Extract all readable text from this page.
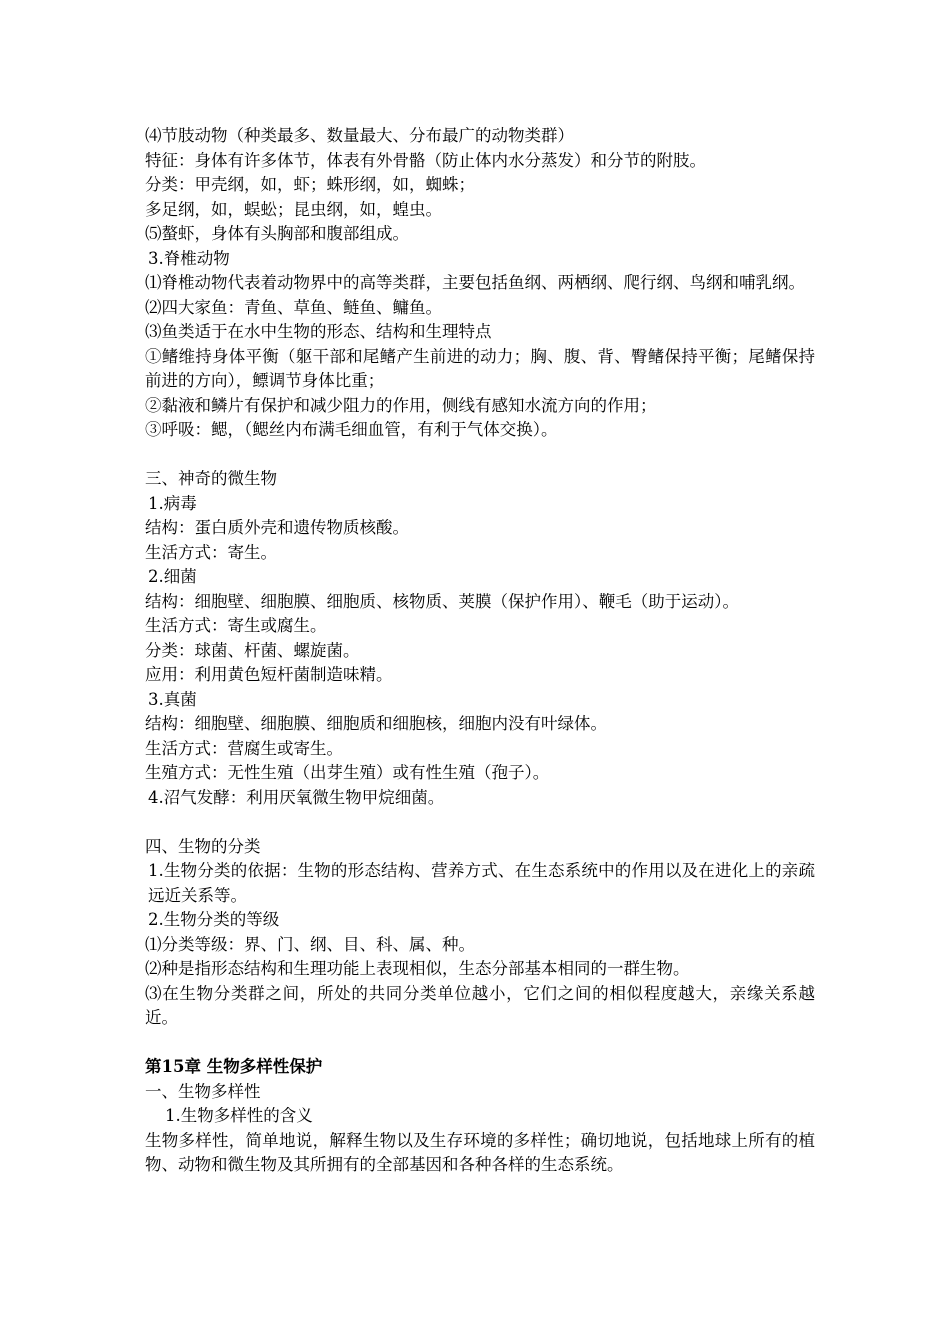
⑷节肢动物（种类最多、数量最大、分布最广的动物类群）
特征：身体有许多体节，体表有外骨骼（防止体内水分蒸发）和分节的附肢。
分类：甲壳纲，如，虾；蛛形纲，如，蜘蛛；
多足纲，如，蜈蚣；昆虫纲，如，蝗虫。
⑸螯虾，身体有头胸部和腹部组成。
3.脊椎动物
⑴脊椎动物代表着动物界中的高等类群，主要包括鱼纲、两栖纲、爬行纲、鸟纲和哺乳纲。
⑵四大家鱼：青鱼、草鱼、鲢鱼、鳙鱼。
⑶鱼类适于在水中生物的形态、结构和生理特点
①鳍维持身体平衡（躯干部和尾鳍产生前进的动力；胸、腹、背、臀鳍保持平衡；尾鳍保持前进的方向），鳔调节身体比重；
②黏液和鳞片有保护和减少阻力的作用，侧线有感知水流方向的作用；
③呼吸：鳃，（鳃丝内布满毛细血管，有利于气体交换）。
三、神奇的微生物
1.病毒
结构：蛋白质外壳和遗传物质核酸。
生活方式：寄生。
2.细菌
结构：细胞壁、细胞膜、细胞质、核物质、荚膜（保护作用）、鞭毛（助于运动）。
生活方式：寄生或腐生。
分类：球菌、杆菌、螺旋菌。
应用：利用黄色短杆菌制造味精。
3.真菌
结构：细胞壁、细胞膜、细胞质和细胞核，细胞内没有叶绿体。
生活方式：营腐生或寄生。
生殖方式：无性生殖（出芽生殖）或有性生殖（孢子）。
4.沼气发酵：利用厌氧微生物甲烷细菌。
四、生物的分类
1.生物分类的依据：生物的形态结构、营养方式、在生态系统中的作用以及在进化上的亲疏远近关系等。
2.生物分类的等级
⑴分类等级：界、门、纲、目、科、属、种。
⑵种是指形态结构和生理功能上表现相似，生态分部基本相同的一群生物。
⑶在生物分类群之间，所处的共同分类单位越小，它们之间的相似程度越大，亲缘关系越近。
第15章 生物多样性保护
一、生物多样性
1.生物多样性的含义
生物多样性，简单地说，解释生物以及生存环境的多样性；确切地说，包括地球上所有的植物、动物和微生物及其所拥有的全部基因和各种各样的生态系统。
